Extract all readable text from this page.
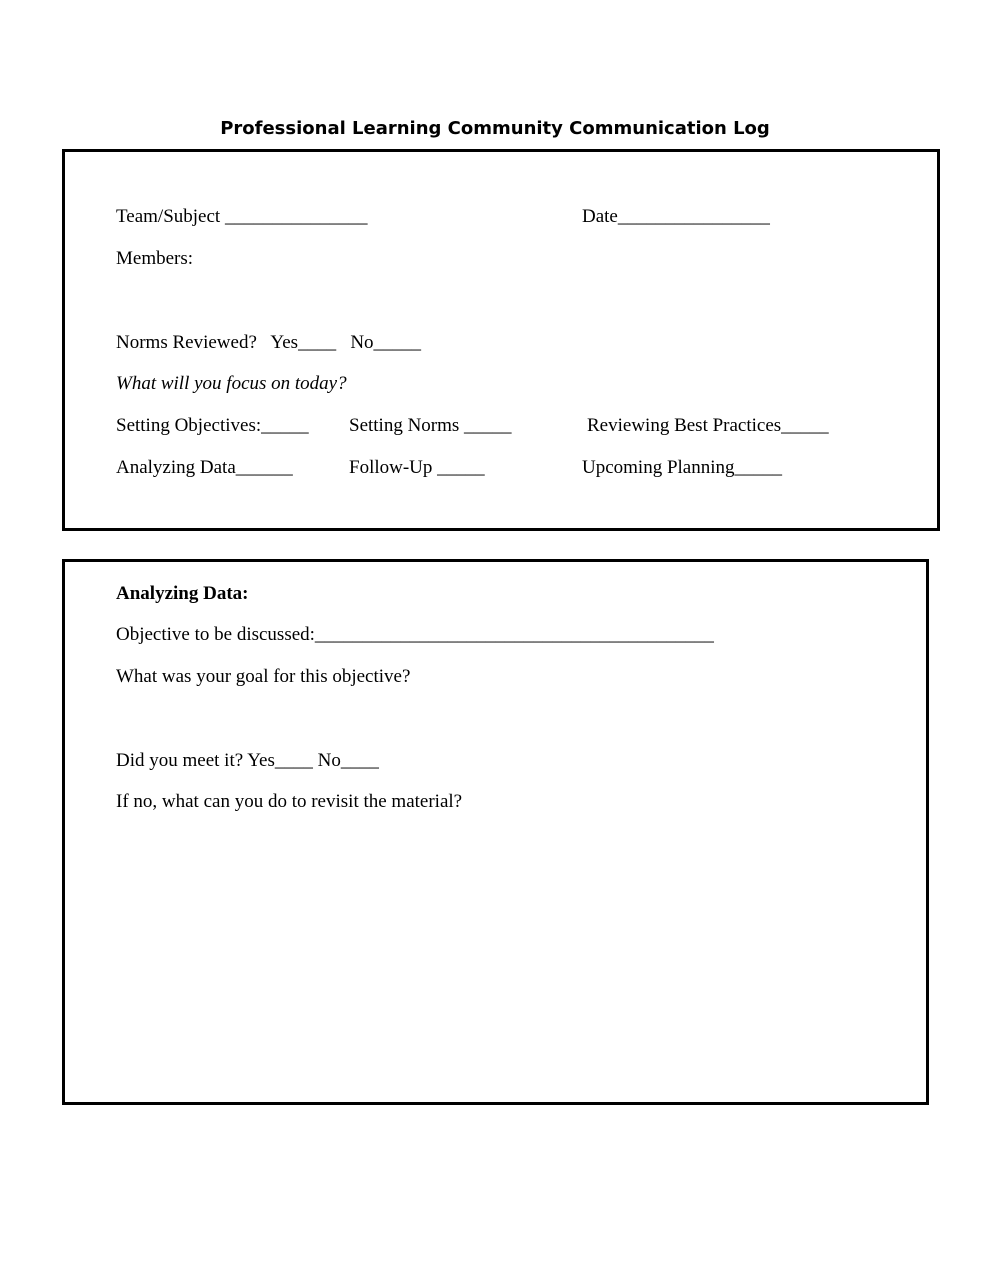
Professional Learning Community Communication Log
Team/Subject _______________	Date________________
Members:
Norms Reviewed?   Yes____   No_____
What will you focus on today?
Setting Objectives:_____ Setting Norms _____	Reviewing Best Practices_____
Analyzing Data______	Follow-Up _____	Upcoming Planning_____
Analyzing Data:
Objective to be discussed:__________________________________________
What was your goal for this objective?
Did you meet it? Yes____ No____
If no, what can you do to revisit the material?
